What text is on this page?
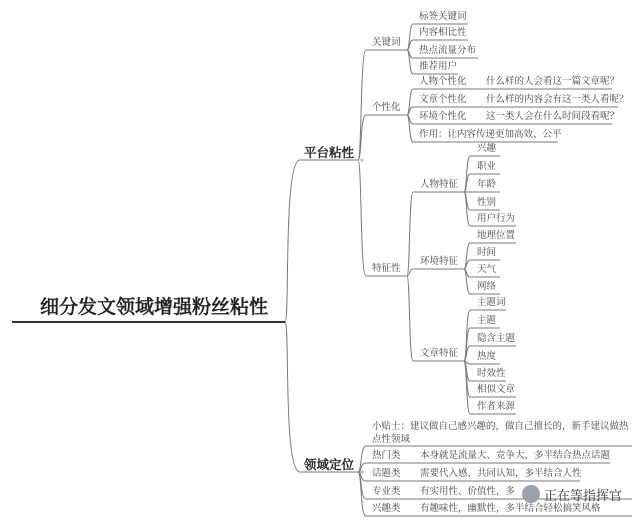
细分发文领域增强粉丝粘性
平台粘性
领域定位
关键词
个性化
特征性
标签关键词
内容相比性
热点流量分布
推荐用户
人物个性化 什么样的人会看这一篇文章呢？
文章个性化 什么样的内容会有这一类人看呢？
环境个性化 这一类人会在什么时间段看呢？
作用：让内容传递更加高效、公平
人物特征
环境特征
文章特征
兴趣
职业
年龄
性别
用户行为
地理位置
时间
天气
网络
主题词
主题
隐含主题
热度
时效性
相似文章
作者来源
小贴士：建议做自己感兴趣的，做自己擅长的，新手建议做热点性领域
热门类 本身就是流量大、竞争大，多半结合热点话题
话题类 需要代入感、共同认知，多半结合人性
专业类 有实用性、价值性，多
兴趣类 有趣味性，幽默性，多半结合轻松搞笑风格
正在等指挥官
